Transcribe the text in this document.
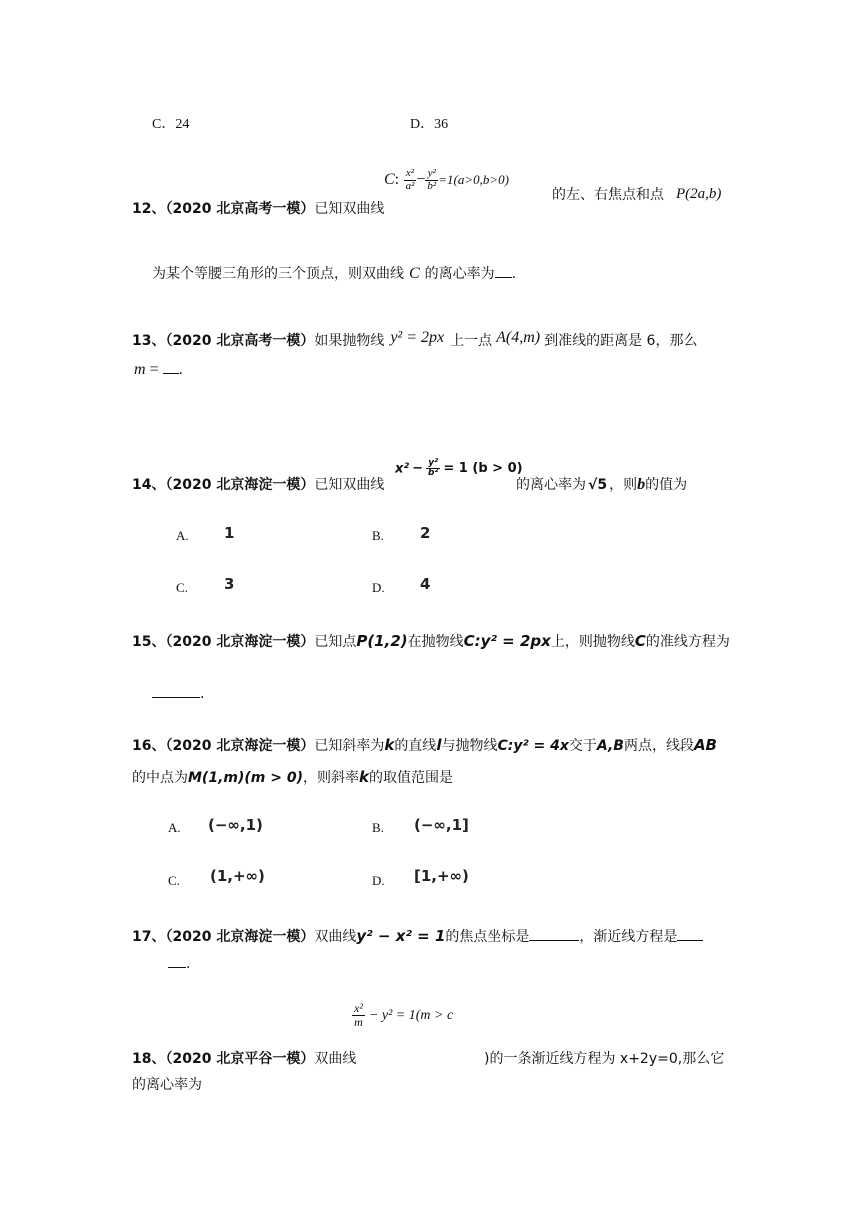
C．24	D．36
12、（2020 北京高考一模）已知双曲线
C: $\frac{\text{x²}}{\text{a²}} - \frac{\text{y²}}{\text{b²}} =1(a>0,b>0)$
的左、右焦点和点 P(2a,b)
为某个等腰三角形的三个顶点，则双曲线 C 的离心率为 .
13、（2020 北京高考一模）如果抛物线 y² = 2px 上一点 A(4,m) 到准线的距离是 6，那么
m = .
14、（2020 北京海淀一模）已知双曲线
$x^2 - \frac{\text{y²}}{\text{b²}} = 1$ (b > 0)
的离心率为 √5 ，则b的值为
A. 1	B. 2
C. 3	D. 4
15、（2020 北京海淀一模）已知点P(1,2)在抛物线C:y² = 2px上，则抛物线C的准线方程为
.
16、（2020 北京海淀一模）已知斜率为k的直线l与抛物线C:y² = 4x交于A,B两点，线段AB
的中点为M(1,m)(m > 0)，则斜率k的取值范围是
A. (−∞,1)	B. (−∞,1]
C. (1,+∞)	D. [1,+∞)
17、（2020 北京海淀一模）双曲线y² − x² = 1的焦点坐标是	，渐近线方程是
.
$\frac{\text{x²}}{m} - y^2 = 1(m > c$
18、（2020 北京平谷一模）双曲线	)的一条渐近线方程为 x+2y=0,那么它
的离心率为
